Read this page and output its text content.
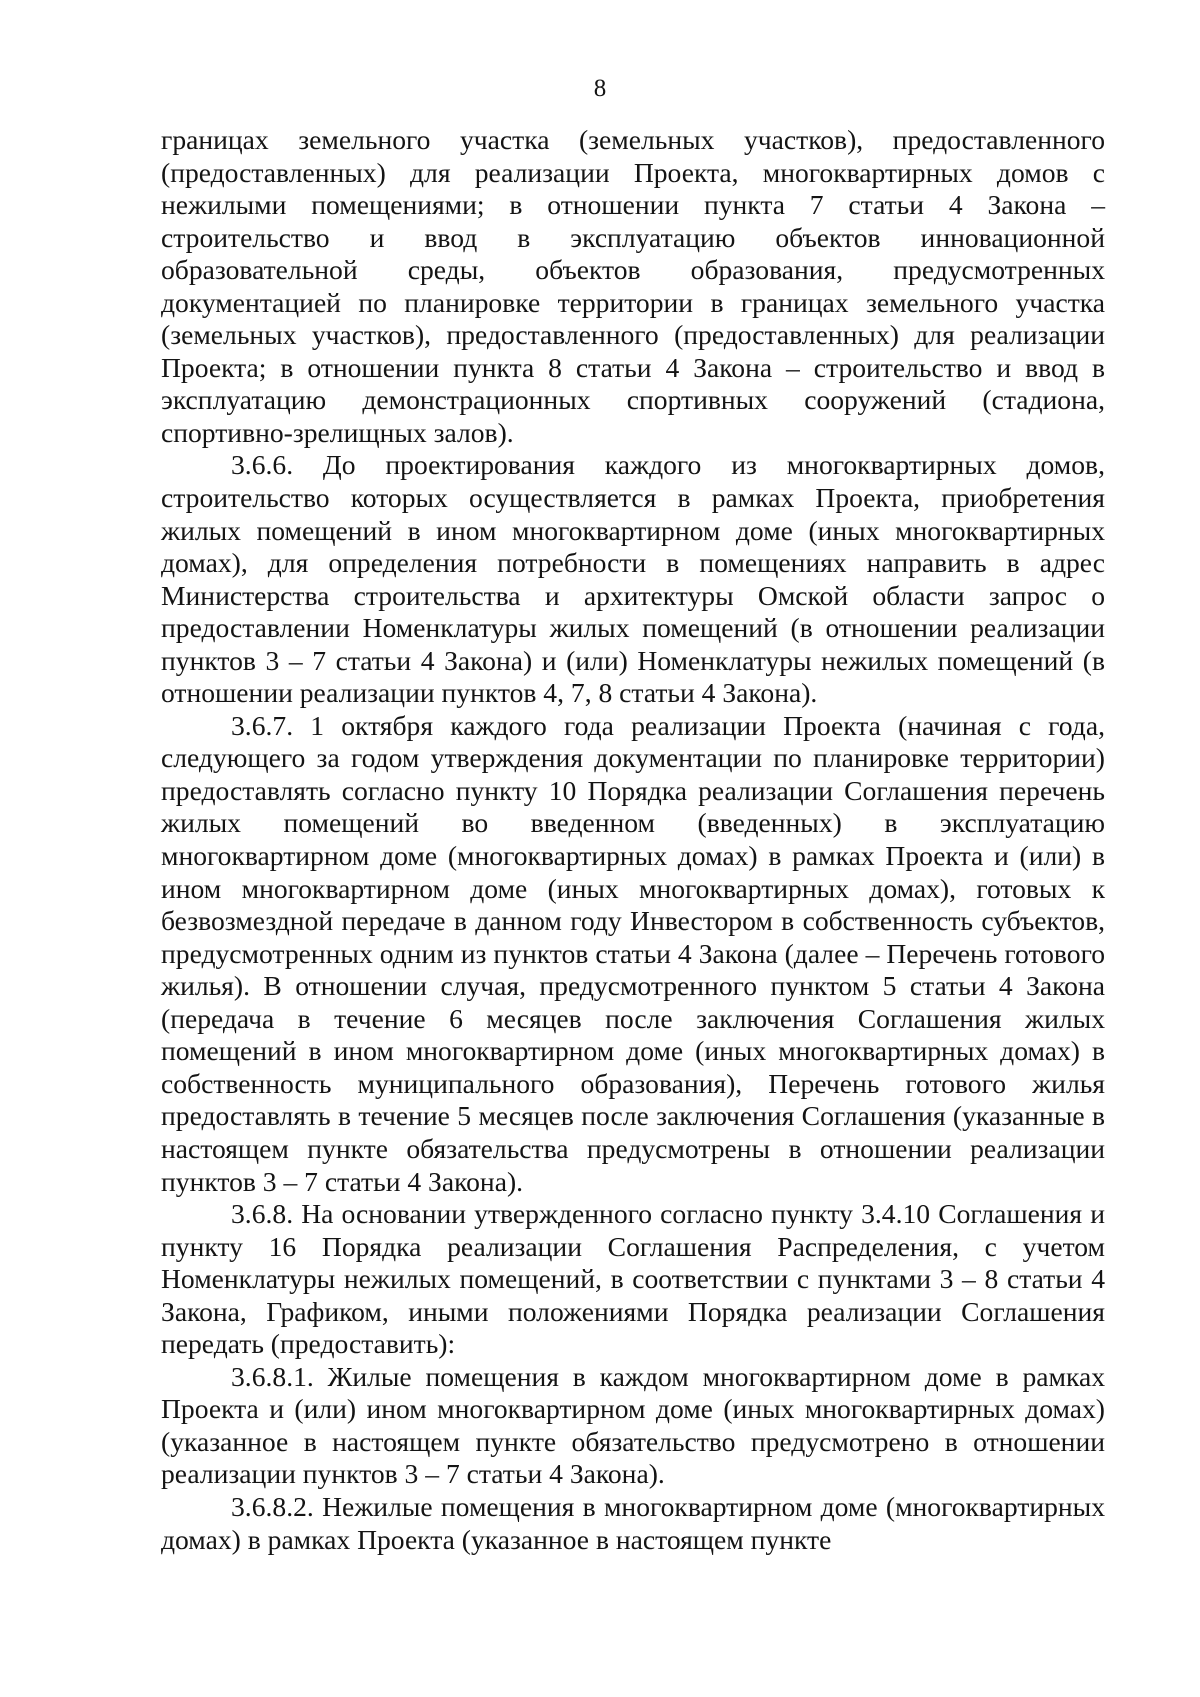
8

границах земельного участка (земельных участков), предоставленного (предоставленных) для реализации Проекта, многоквартирных домов с нежилыми помещениями; в отношении пункта 7 статьи 4 Закона – строительство и ввод в эксплуатацию объектов инновационной образовательной среды, объектов образования, предусмотренных документацией по планировке территории в границах земельного участка (земельных участков), предоставленного (предоставленных) для реализации Проекта; в отношении пункта 8 статьи 4 Закона – строительство и ввод в эксплуатацию демонстрационных спортивных сооружений (стадиона, спортивно-зрелищных залов).

3.6.6. До проектирования каждого из многоквартирных домов, строительство которых осуществляется в рамках Проекта, приобретения жилых помещений в ином многоквартирном доме (иных многоквартирных домах), для определения потребности в помещениях направить в адрес Министерства строительства и архитектуры Омской области запрос о предоставлении Номенклатуры жилых помещений (в отношении реализации пунктов 3 – 7 статьи 4 Закона) и (или) Номенклатуры нежилых помещений (в отношении реализации пунктов 4, 7, 8 статьи 4 Закона).

3.6.7. 1 октября каждого года реализации Проекта (начиная с года, следующего за годом утверждения документации по планировке территории) предоставлять согласно пункту 10 Порядка реализации Соглашения перечень жилых помещений во введенном (введенных) в эксплуатацию многоквартирном доме (многоквартирных домах) в рамках Проекта и (или) в ином многоквартирном доме (иных многоквартирных домах), готовых к безвозмездной передаче в данном году Инвестором в собственность субъектов, предусмотренных одним из пунктов статьи 4 Закона (далее – Перечень готового жилья). В отношении случая, предусмотренного пунктом 5 статьи 4 Закона (передача в течение 6 месяцев после заключения Соглашения жилых помещений в ином многоквартирном доме (иных многоквартирных домах) в собственность муниципального образования), Перечень готового жилья предоставлять в течение 5 месяцев после заключения Соглашения (указанные в настоящем пункте обязательства предусмотрены в отношении реализации пунктов 3 – 7 статьи 4 Закона).

3.6.8. На основании утвержденного согласно пункту 3.4.10 Соглашения и пункту 16 Порядка реализации Соглашения Распределения, с учетом Номенклатуры нежилых помещений, в соответствии с пунктами 3 – 8 статьи 4 Закона, Графиком, иными положениями Порядка реализации Соглашения передать (предоставить):

3.6.8.1. Жилые помещения в каждом многоквартирном доме в рамках Проекта и (или) ином многоквартирном доме (иных многоквартирных домах) (указанное в настоящем пункте обязательство предусмотрено в отношении реализации пунктов 3 – 7 статьи 4 Закона).

3.6.8.2. Нежилые помещения в многоквартирном доме (многоквартирных домах) в рамках Проекта (указанное в настоящем пункте
